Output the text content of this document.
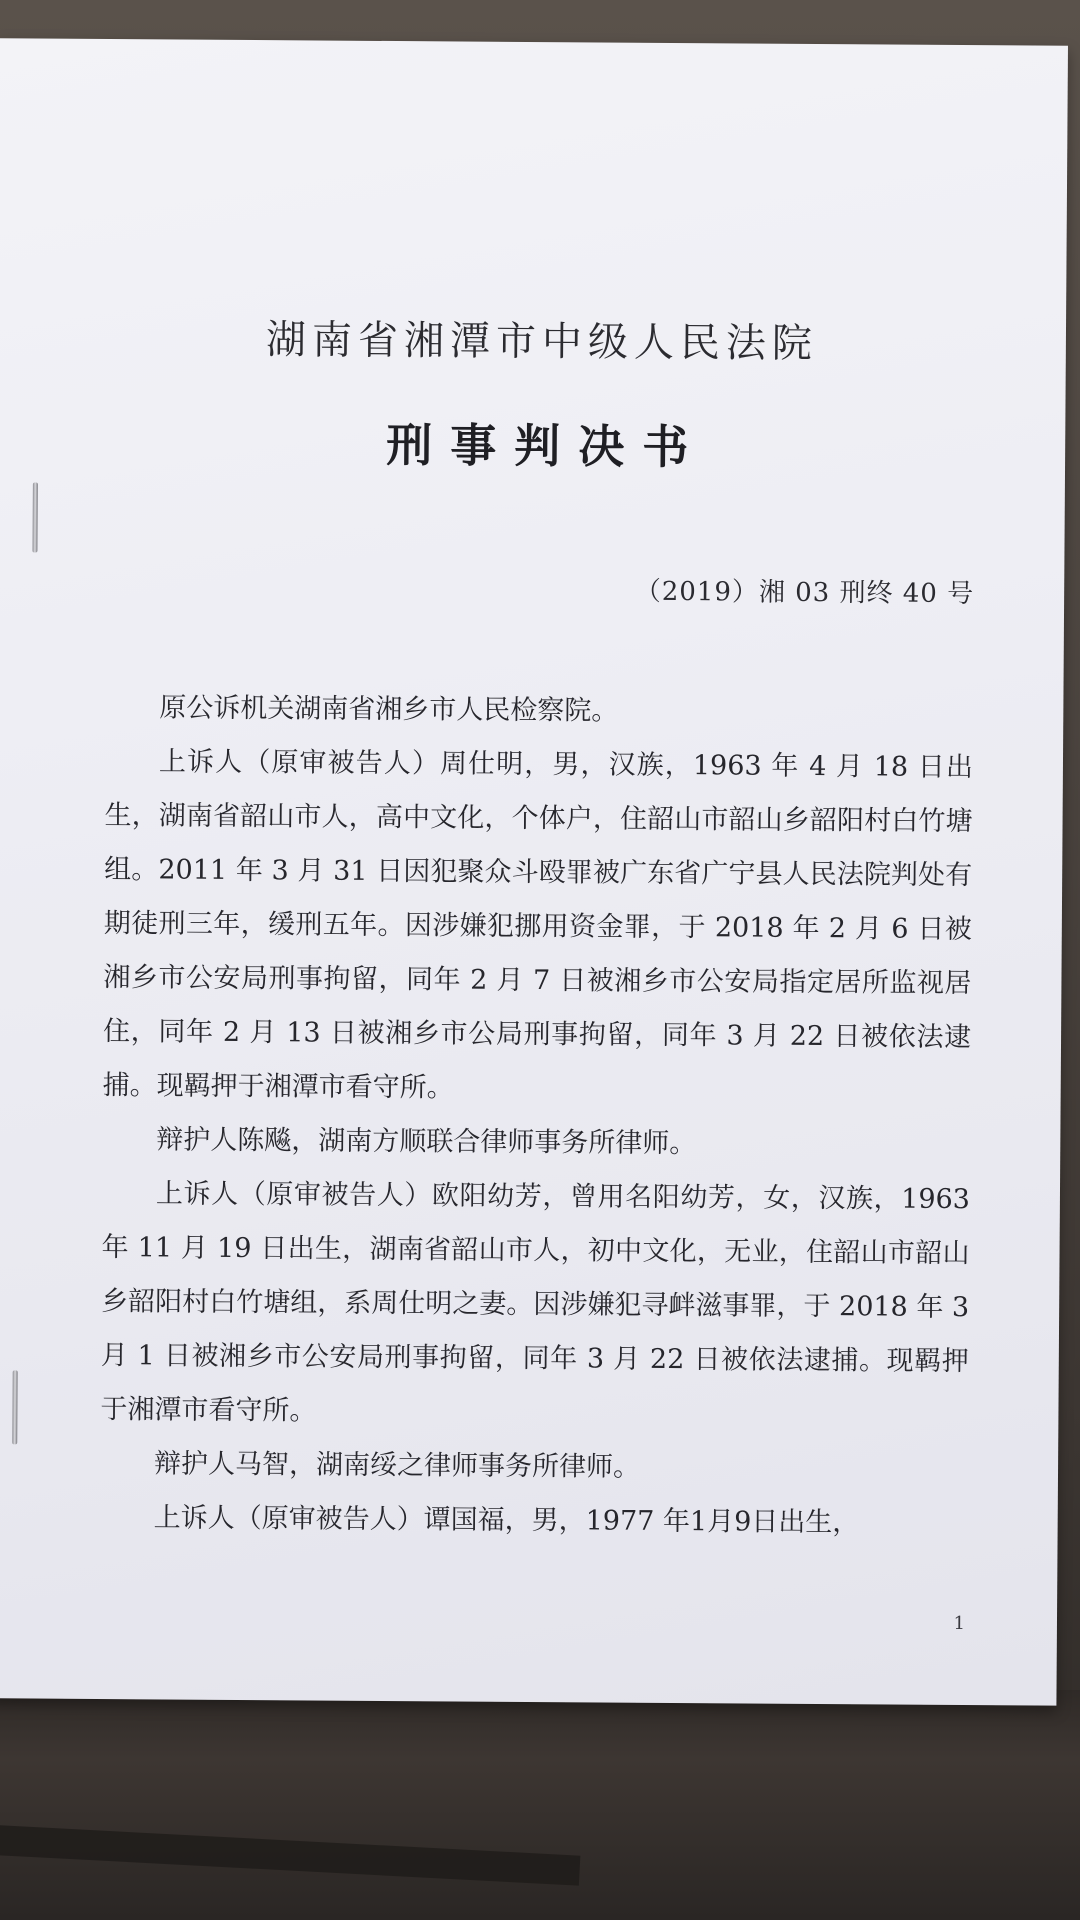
湖南省湘潭市中级人民法院
刑事判决书
（2019）湘 03 刑终 40 号

原公诉机关湖南省湘乡市人民检察院。

上诉人（原审被告人）周仕明，男，汉族，1963 年 4 月 18 日出生，湖南省韶山市人，高中文化，个体户，住韶山市韶山乡韶阳村白竹塘组。2011 年 3 月 31 日因犯聚众斗殴罪被广东省广宁县人民法院判处有期徒刑三年，缓刑五年。因涉嫌犯挪用资金罪，于 2018 年 2 月 6 日被湘乡市公安局刑事拘留，同年 2 月 7 日被湘乡市公安局指定居所监视居住，同年 2 月 13 日被湘乡市公局刑事拘留，同年 3 月 22 日被依法逮捕。现羁押于湘潭市看守所。

辩护人陈飚，湖南方顺联合律师事务所律师。

上诉人（原审被告人）欧阳幼芳，曾用名阳幼芳，女，汉族，1963 年 11 月 19 日出生，湖南省韶山市人，初中文化，无业，住韶山市韶山乡韶阳村白竹塘组，系周仕明之妻。因涉嫌犯寻衅滋事罪，于 2018 年 3 月 1 日被湘乡市公安局刑事拘留，同年 3 月 22 日被依法逮捕。现羁押于湘潭市看守所。

辩护人马智，湖南绥之律师事务所律师。

上诉人（原审被告人）谭国福，男，1977 年1月9日出生，

1
